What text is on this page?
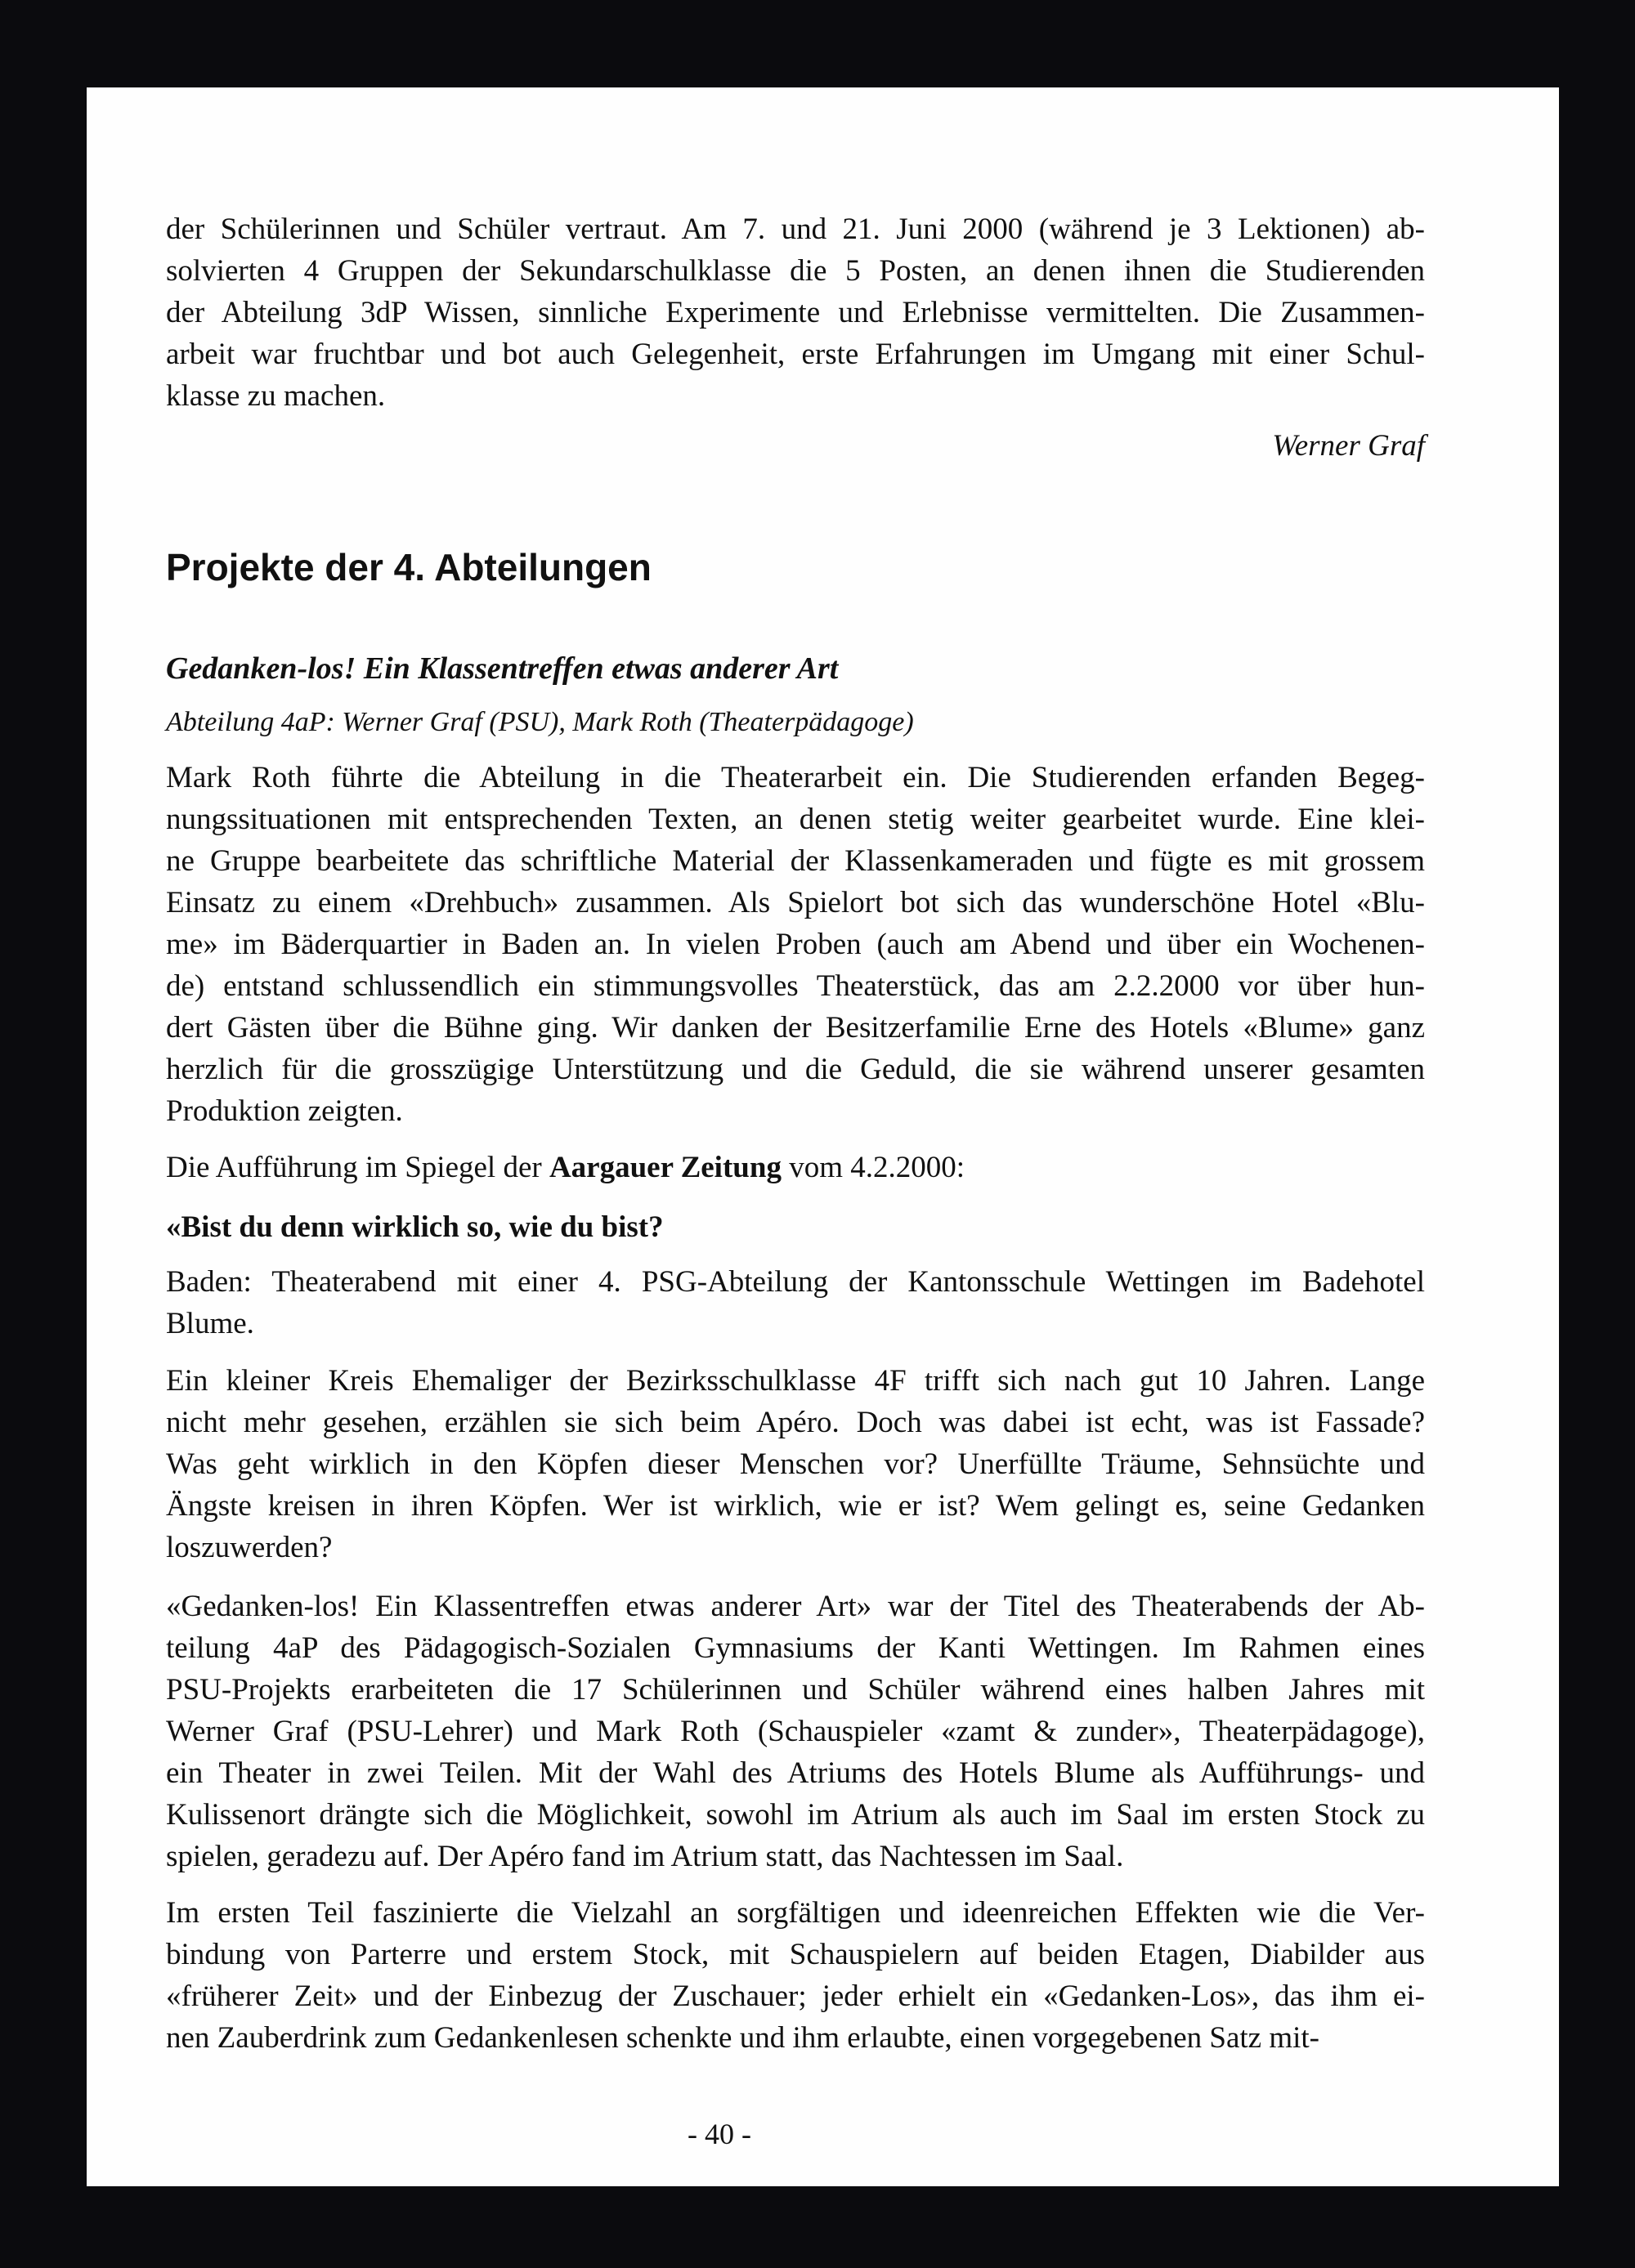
der Schülerinnen und Schüler vertraut. Am 7. und 21. Juni 2000 (während je 3 Lektionen) ab-
solvierten 4 Gruppen der Sekundarschulklasse die 5 Posten, an denen ihnen die Studierenden
der Abteilung 3dP Wissen, sinnliche Experimente und Erlebnisse vermittelten. Die Zusammen-
arbeit war fruchtbar und bot auch Gelegenheit, erste Erfahrungen im Umgang mit einer Schul-
klasse zu machen.
Werner Graf
Projekte der 4. Abteilungen
Gedanken-los! Ein Klassentreffen etwas anderer Art
Abteilung 4aP: Werner Graf (PSU), Mark Roth (Theaterpädagoge)
Mark Roth führte die Abteilung in die Theaterarbeit ein. Die Studierenden erfanden Begeg-
nungssituationen mit entsprechenden Texten, an denen stetig weiter gearbeitet wurde. Eine klei-
ne Gruppe bearbeitete das schriftliche Material der Klassenkameraden und fügte es mit grossem
Einsatz zu einem «Drehbuch» zusammen. Als Spielort bot sich das wunderschöne Hotel «Blu-
me» im Bäderquartier in Baden an. In vielen Proben (auch am Abend und über ein Wochenen-
de) entstand schlussendlich ein stimmungsvolles Theaterstück, das am 2.2.2000 vor über hun-
dert Gästen über die Bühne ging. Wir danken der Besitzerfamilie Erne des Hotels «Blume» ganz
herzlich für die grosszügige Unterstützung und die Geduld, die sie während unserer gesamten
Produktion zeigten.
Die Aufführung im Spiegel der Aargauer Zeitung vom 4.2.2000:
«Bist du denn wirklich so, wie du bist?
Baden: Theaterabend mit einer 4. PSG-Abteilung der Kantonsschule Wettingen im Badehotel
Blume.
Ein kleiner Kreis Ehemaliger der Bezirksschulklasse 4F trifft sich nach gut 10 Jahren. Lange
nicht mehr gesehen, erzählen sie sich beim Apéro. Doch was dabei ist echt, was ist Fassade?
Was geht wirklich in den Köpfen dieser Menschen vor? Unerfüllte Träume, Sehnsüchte und
Ängste kreisen in ihren Köpfen. Wer ist wirklich, wie er ist? Wem gelingt es, seine Gedanken
loszuwerden?
«Gedanken-los! Ein Klassentreffen etwas anderer Art» war der Titel des Theaterabends der Ab-
teilung 4aP des Pädagogisch-Sozialen Gymnasiums der Kanti Wettingen. Im Rahmen eines
PSU-Projekts erarbeiteten die 17 Schülerinnen und Schüler während eines halben Jahres mit
Werner Graf (PSU-Lehrer) und Mark Roth (Schauspieler «zamt & zunder», Theaterpädagoge),
ein Theater in zwei Teilen. Mit der Wahl des Atriums des Hotels Blume als Aufführungs- und
Kulissenort drängte sich die Möglichkeit, sowohl im Atrium als auch im Saal im ersten Stock zu
spielen, geradezu auf. Der Apéro fand im Atrium statt, das Nachtessen im Saal.
Im ersten Teil faszinierte die Vielzahl an sorgfältigen und ideenreichen Effekten wie die Ver-
bindung von Parterre und erstem Stock, mit Schauspielern auf beiden Etagen, Diabilder aus
«früherer Zeit» und der Einbezug der Zuschauer; jeder erhielt ein «Gedanken-Los», das ihm ei-
nen Zauberdrink zum Gedankenlesen schenkte und ihm erlaubte, einen vorgegebenen Satz mit-
- 40 -
